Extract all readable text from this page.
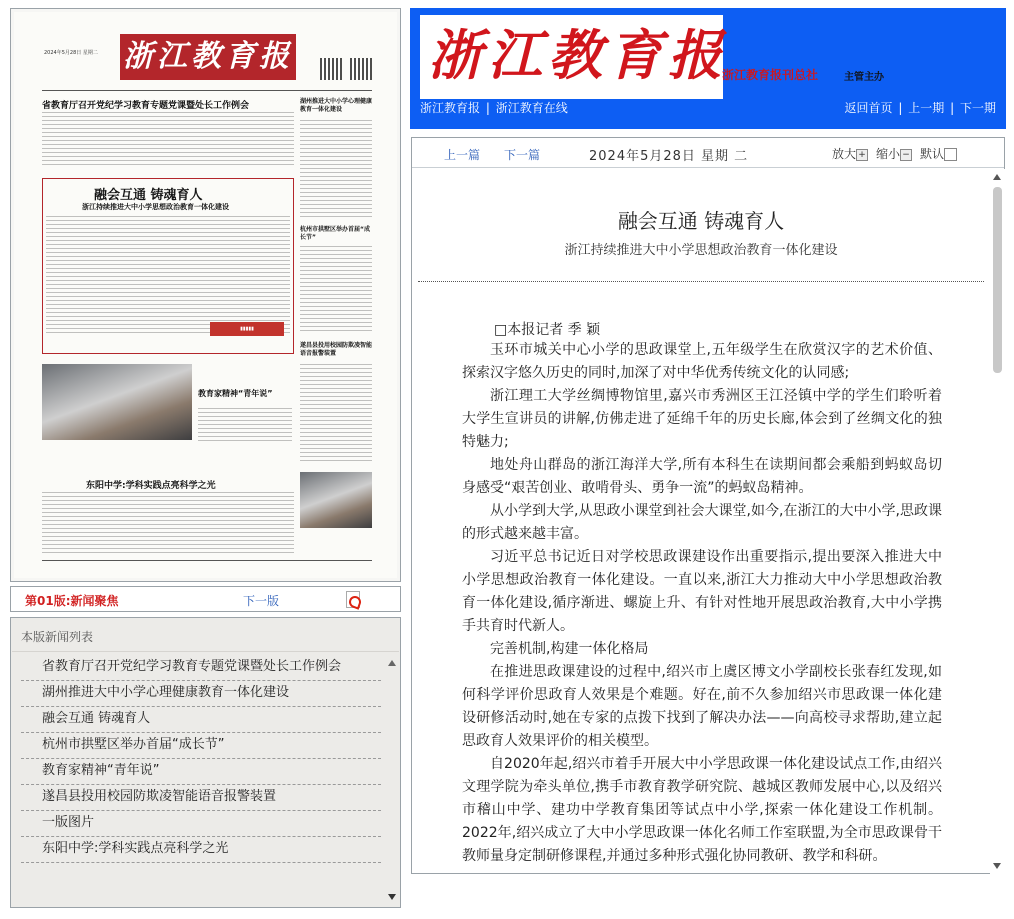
2024年5月28日 星期二 浙江教育报
省教育厅召开党纪学习教育专题党课暨处长工作例会
融会互通 铸魂育人
浙江持续推进大中小学思想政治教育一体化建设
▮▮▮▮▮
湖州推进大中小学心理健康教育一体化建设
杭州市拱墅区举办首届“成长节”
遂昌县投用校园防欺凌智能语音报警装置
教育家精神“青年说”
东阳中学:学科实践点亮科学之光
第01版:新闻聚焦	下一版
本版新闻列表
省教育厅召开党纪学习教育专题党课暨处长工作例会
湖州推进大中小学心理健康教育一体化建设
融会互通 铸魂育人
杭州市拱墅区举办首届“成长节”
教育家精神“青年说”
遂昌县投用校园防欺凌智能语音报警装置
一版图片
东阳中学:学科实践点亮科学之光
浙江教育报
浙江教育报刊总社	主管主办
浙江教育报 | 浙江教育在线	返回首页 | 上一期 | 下一期
上一篇 下一篇	2024年5月28日 星期 二	放大 + 缩小 − 默认
融会互通 铸魂育人
浙江持续推进大中小学思想政治教育一体化建设
□本报记者 季 颖

玉环市城关中心小学的思政课堂上,五年级学生在欣赏汉字的艺术价值、探索汉字悠久历史的同时,加深了对中华优秀传统文化的认同感;

浙江理工大学丝绸博物馆里,嘉兴市秀洲区王江泾镇中学的学生们聆听着大学生宣讲员的讲解,仿佛走进了延绵千年的历史长廊,体会到了丝绸文化的独特魅力;

地处舟山群岛的浙江海洋大学,所有本科生在读期间都会乘船到蚂蚁岛切身感受“艰苦创业、敢啃骨头、勇争一流”的蚂蚁岛精神。

从小学到大学,从思政小课堂到社会大课堂,如今,在浙江的大中小学,思政课的形式越来越丰富。

习近平总书记近日对学校思政课建设作出重要指示,提出要深入推进大中小学思想政治教育一体化建设。一直以来,浙江大力推动大中小学思想政治教育一体化建设,循序渐进、螺旋上升、有针对性地开展思政治教育,大中小学携手共育时代新人。

完善机制,构建一体化格局

在推进思政课建设的过程中,绍兴市上虞区博文小学副校长张春红发现,如何科学评价思政育人效果是个难题。好在,前不久参加绍兴市思政课一体化建设研修活动时,她在专家的点拨下找到了解决办法——向高校寻求帮助,建立起思政育人效果评价的相关模型。

自2020年起,绍兴市着手开展大中小学思政课一体化建设试点工作,由绍兴文理学院为牵头单位,携手市教育教学研究院、越城区教师发展中心,以及绍兴市稽山中学、建功中学教育集团等试点中小学,探索一体化建设工作机制。2022年,绍兴成立了大中小学思政课一体化名师工作室联盟,为全市思政课骨干教师量身定制研修课程,并通过多种形式强化协同教研、教学和科研。
